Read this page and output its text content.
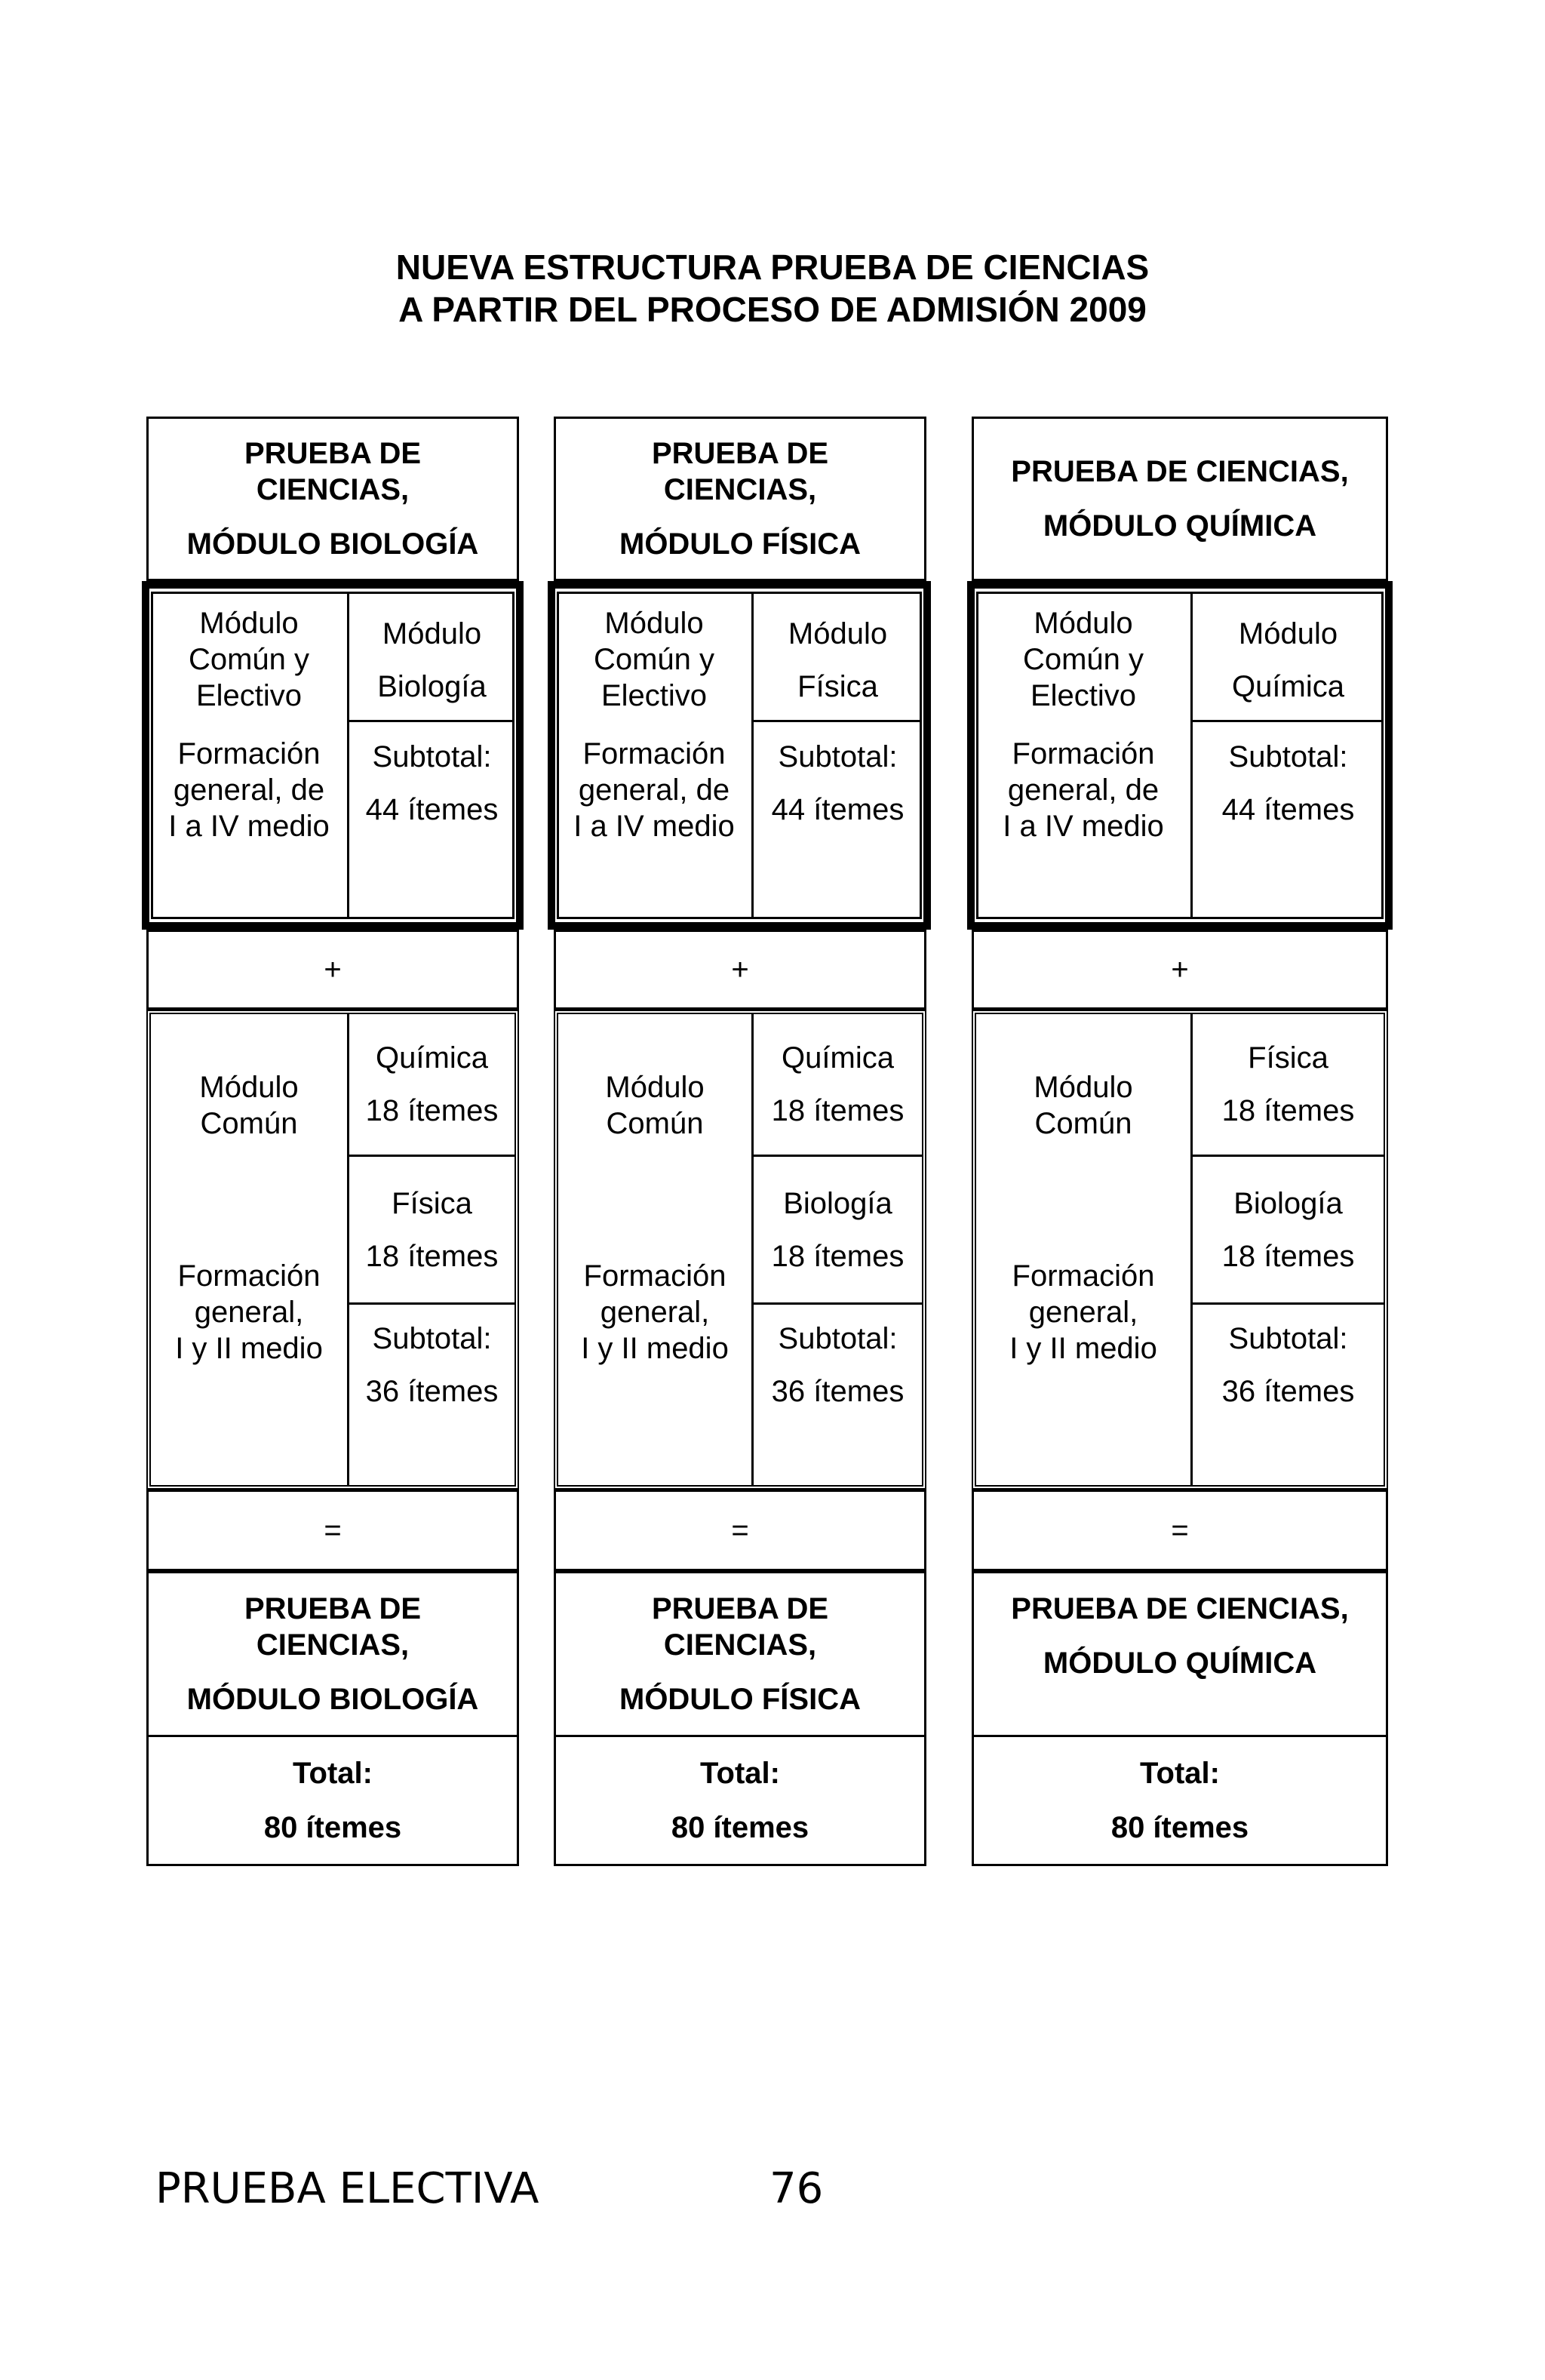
NUEVA ESTRUCTURA PRUEBA DE CIENCIAS
A PARTIR DEL PROCESO DE ADMISIÓN 2009
PRUEBA DE
CIENCIAS,
MÓDULO BIOLOGÍA
Módulo
Común y
Electivo
Formación
general, de
I a IV medio
Módulo
Biología
Subtotal:
44 ítemes
+
Módulo
Común
Formación
general,
I y II medio
Química
18 ítemes
Física
18 ítemes
Subtotal:
36 ítemes
=
PRUEBA DE
CIENCIAS,
MÓDULO BIOLOGÍA
Total:
80 ítemes
PRUEBA DE
CIENCIAS,
MÓDULO FÍSICA
Módulo
Común y
Electivo
Formación
general, de
I a IV medio
Módulo
Física
Subtotal:
44 ítemes
+
Módulo
Común
Formación
general,
I y II medio
Química
18 ítemes
Biología
18 ítemes
Subtotal:
36 ítemes
=
PRUEBA DE
CIENCIAS,
MÓDULO FÍSICA
Total:
80 ítemes
PRUEBA DE CIENCIAS,
MÓDULO QUÍMICA
Módulo
Común y
Electivo
Formación
general, de
I a IV medio
Módulo
Química
Subtotal:
44 ítemes
+
Módulo
Común
Formación
general,
I y II medio
Física
18 ítemes
Biología
18 ítemes
Subtotal:
36 ítemes
=
PRUEBA DE CIENCIAS,
MÓDULO QUÍMICA
Total:
80 ítemes
PRUEBA ELECTIVA	76
